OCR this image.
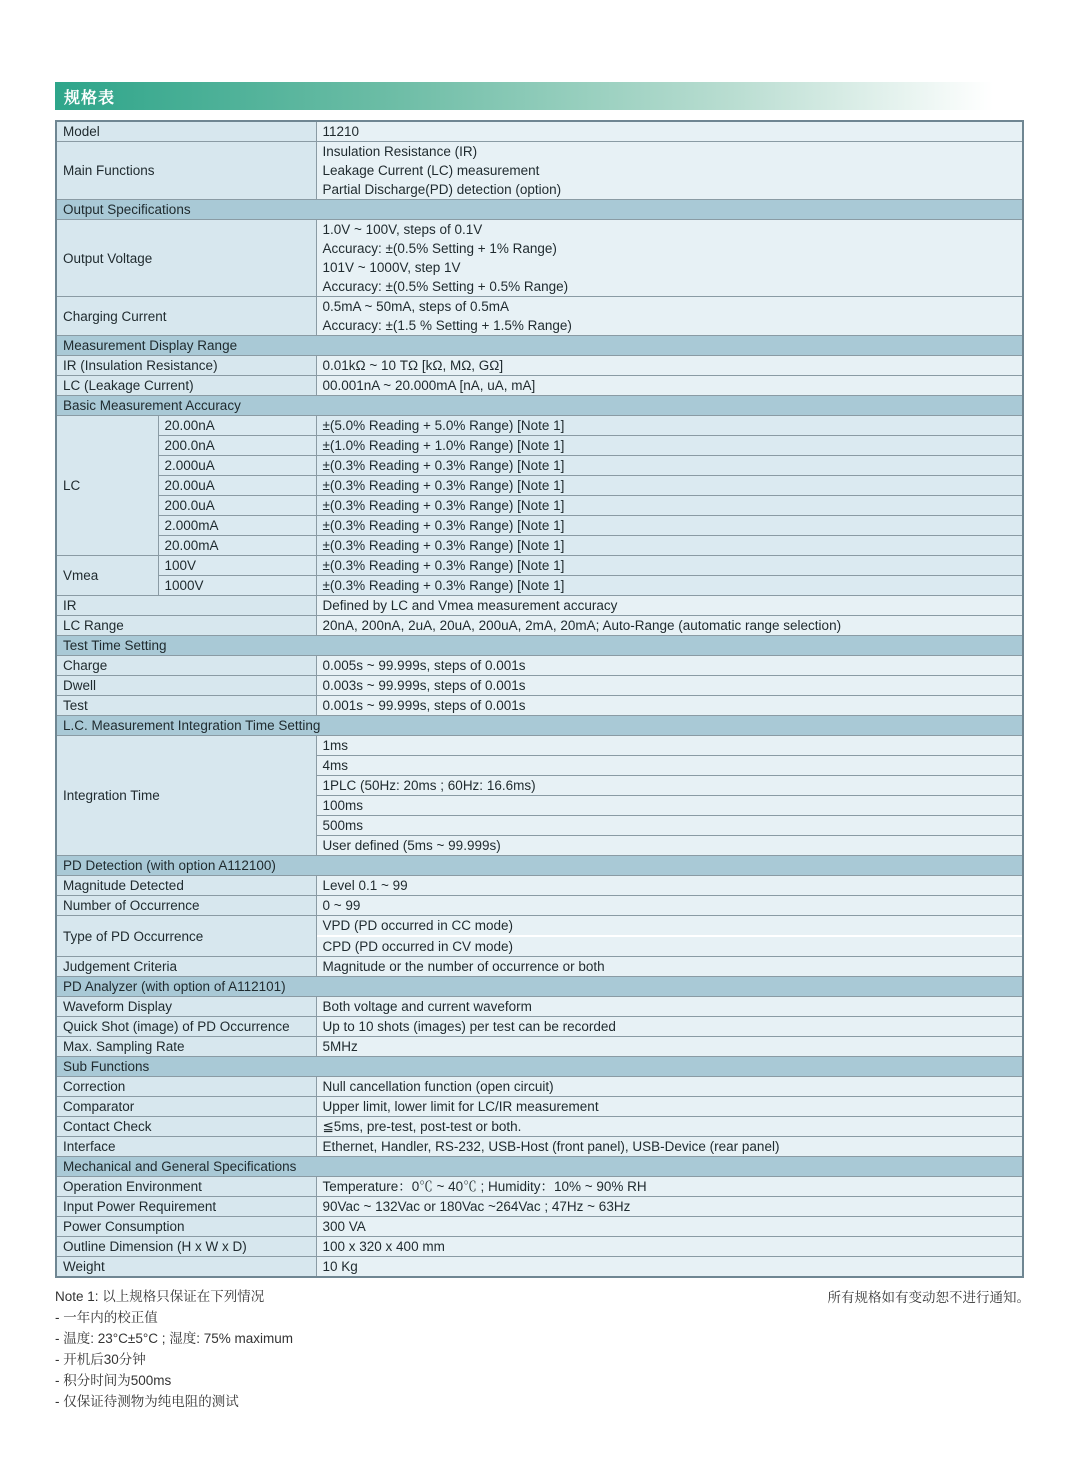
规格表
Model		11210
Main Functions		Insulation Resistance (IR)
Leakage Current (LC) measurement
Partial Discharge(PD) detection (option)

Output Specifications		
Output Voltage		1.0V ~ 100V, steps of 0.1V
Accuracy: ±(0.5% Setting + 1% Range)
101V ~ 1000V, step 1V
Accuracy: ±(0.5% Setting + 0.5% Range)

Charging Current		0.5mA ~ 50mA, steps of 0.5mA
Accuracy: ±(1.5 % Setting + 1.5% Range)

Measurement Display Range		
IR (Insulation Resistance)		0.01kΩ ~ 10 TΩ [kΩ, MΩ, GΩ]
LC (Leakage Current)		00.001nA ~ 20.000mA [nA, uA, mA]
Basic Measurement Accuracy		
LC	20.00nA	±(5.0% Reading + 5.0% Range) [Note 1]
	200.0nA	±(1.0% Reading + 1.0% Range) [Note 1]
	2.000uA	±(0.3% Reading + 0.3% Range) [Note 1]
	20.00uA	±(0.3% Reading + 0.3% Range) [Note 1]
	200.0uA	±(0.3% Reading + 0.3% Range) [Note 1]
	2.000mA	±(0.3% Reading + 0.3% Range) [Note 1]
	20.00mA	±(0.3% Reading + 0.3% Range) [Note 1]
Vmea	100V	±(0.3% Reading + 0.3% Range) [Note 1]
	1000V	±(0.3% Reading + 0.3% Range) [Note 1]
IR		Defined by LC and Vmea measurement accuracy
LC Range		20nA, 200nA, 2uA, 20uA, 200uA, 2mA, 20mA; Auto-Range (automatic range selection)
Test Time Setting		
Charge		0.005s ~ 99.999s, steps of 0.001s
Dwell		0.003s ~ 99.999s, steps of 0.001s
Test		0.001s ~ 99.999s, steps of 0.001s
L.C. Measurement Integration Time Setting		
Integration Time		1ms
		4ms
		1PLC (50Hz: 20ms ; 60Hz: 16.6ms)
		100ms
		500ms
		User defined (5ms ~ 99.999s)
PD Detection (with option A112100)		
Magnitude Detected		Level 0.1 ~ 99
Number of Occurrence		0 ~ 99
Type of PD Occurrence		VPD (PD occurred in CC mode)
CPD (PD occurred in CV mode)

Judgement Criteria		Magnitude or the number of occurrence or both
PD Analyzer (with option of A112101)		
Waveform Display		Both voltage and current waveform
Quick Shot (image) of PD Occurrence		Up to 10 shots (images) per test can be recorded
Max. Sampling Rate		5MHz
Sub Functions		
Correction		Null cancellation function (open circuit)
Comparator		Upper limit, lower limit for LC/IR measurement
Contact Check		≦5ms, pre-test, post-test or both.
Interface		Ethernet, Handler, RS-232, USB-Host (front panel), USB-Device (rear panel)
Mechanical and General Specifications		
Operation Environment		Temperature：0℃ ~ 40℃ ; Humidity：10% ~ 90% RH
Input Power Requirement		90Vac ~ 132Vac or 180Vac ~264Vac ; 47Hz ~ 63Hz
Power Consumption		300 VA
Outline Dimension (H x W x D)		100 x 320 x 400 mm
Weight		10 Kg
Note 1: 以上规格只保证在下列情况
- 一年内的校正值
- 温度: 23°C±5°C ; 湿度: 75% maximum
- 开机后30分钟
- 积分时间为500ms
- 仅保证待测物为纯电阻的测试
所有规格如有变动恕不进行通知。
